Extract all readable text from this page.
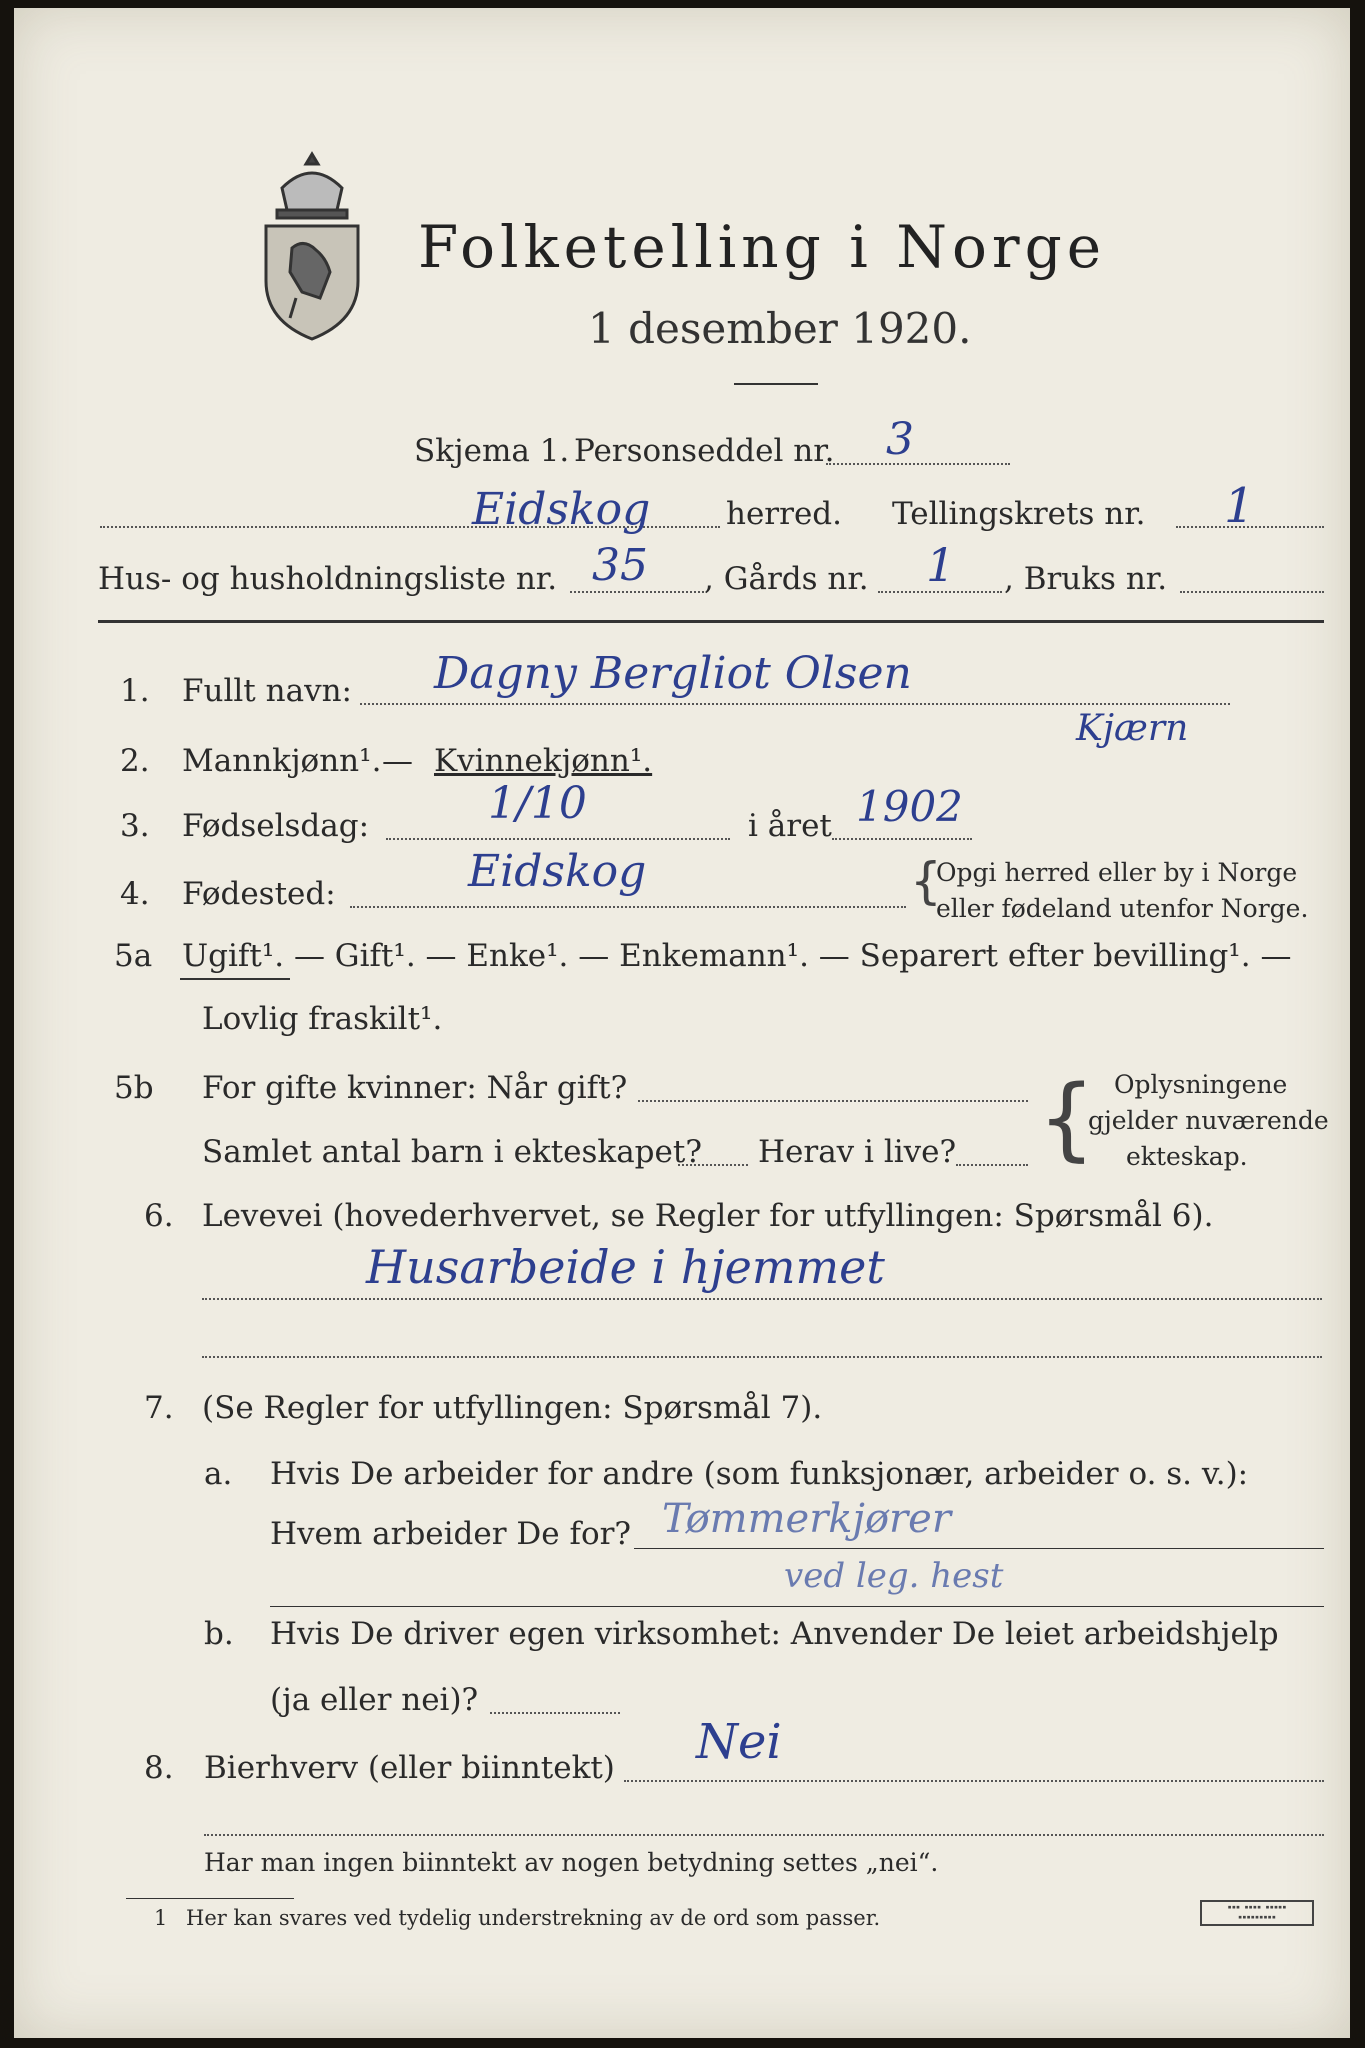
Folketelling i Norge
1 desember 1920.
Skjema 1. Personseddel nr. 3
Eidskog herred. Tellingskrets nr. 1
Hus- og husholdningsliste nr. 35 , Gårds nr. 1 , Bruks nr.
1. Fullt navn: Dagny Bergliot Olsen
Kjærn
2. Mannkjønn¹. — Kvinnekjønn¹.
3. Fødselsdag:	1/10	i året 1902
4. Fødested:	Eidskog	{
Opgi herred eller by i Norge
eller fødeland utenfor Norge.
5a Ugift¹. — Gift¹. — Enke¹. — Enkemann¹. — Separert efter bevilling¹. —
Lovlig fraskilt¹.
5b For gifte kvinner: Når gift?
Samlet antal barn i ekteskapet? Herav i live? { Oplysningene
gjelder nuværende
ekteskap.
6. Levevei (hovederhvervet, se Regler for utfyllingen: Spørsmål 6).
Husarbeide i hjemmet
7. (Se Regler for utfyllingen: Spørsmål 7).
a. Hvis De arbeider for andre (som funksjonær, arbeider o. s. v.):
Hvem arbeider De for? Tømmerkjører
ved leg. hest
b. Hvis De driver egen virksomhet: Anvender De leiet arbeidshjelp
(ja eller nei)?
8. Bierhverv (eller biinntekt) Nei
Har man ingen biinntekt av nogen betydning settes „nei“.
1 Her kan svares ved tydelig understrekning av de ord som passer.	▪▪▪ ▪▪▪▪ ▪▪▪▪▪
▪▪▪▪▪▪▪▪▪
